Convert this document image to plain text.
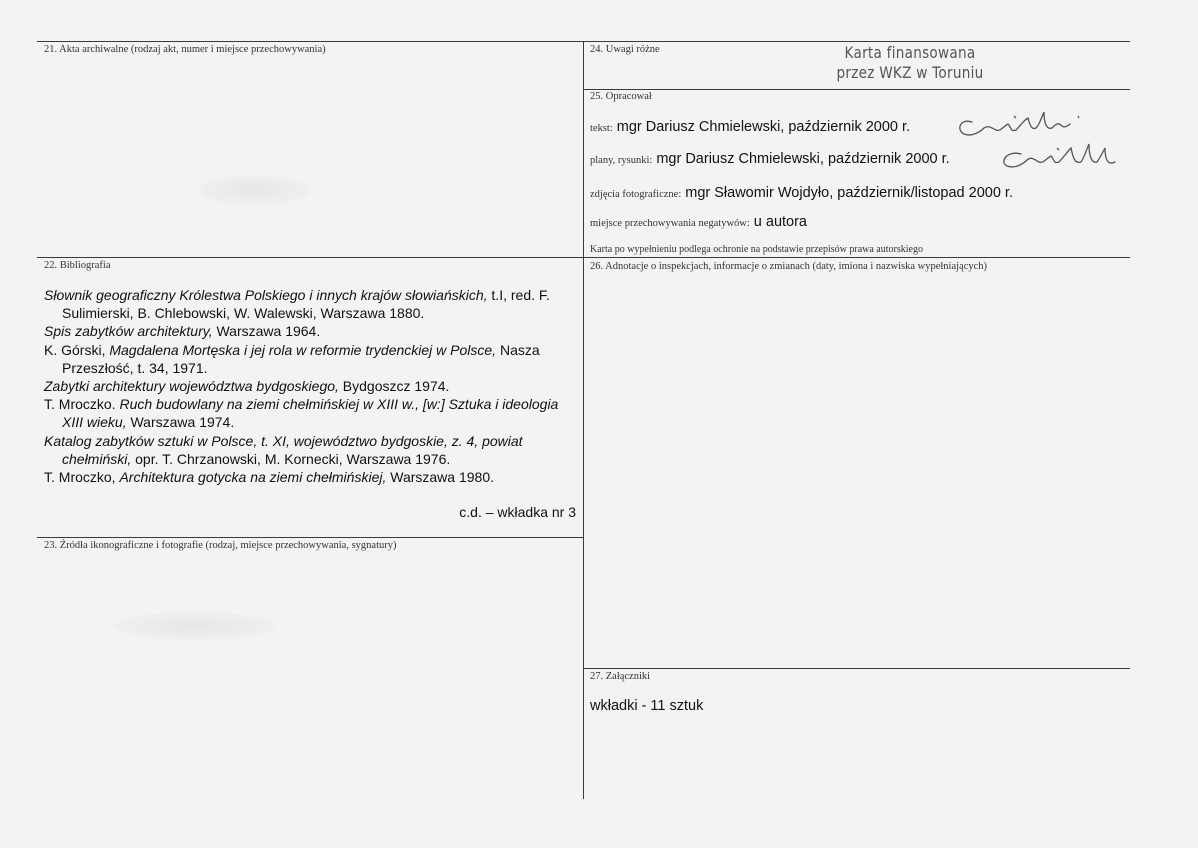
21. Akta archiwalne (rodzaj akt, numer i miejsce przechowywania)	24. Uwagi różne	Karta finansowana
przez WKZ w Toruniu
25. Opracował
tekst: mgr Dariusz Chmielewski, październik 2000 r.
plany, rysunki: mgr Dariusz Chmielewski, październik 2000 r.
zdjęcia fotograficzne: mgr Sławomir Wojdyło, październik/listopad 2000 r.
miejsce przechowywania negatywów: u autora
Karta po wypełnieniu podlega ochronie na podstawie przepisów prawa autorskiego
22. Bibliografia
Słownik geograficzny Królestwa Polskiego i innych krajów słowiańskich, t.I, red. F. Sulimierski, B. Chlebowski, W. Walewski, Warszawa 1880.
Spis zabytków architektury, Warszawa 1964.
K. Górski, Magdalena Mortęska i jej rola w reformie trydenckiej w Polsce, Nasza Przeszłość, t. 34, 1971.
Zabytki architektury województwa bydgoskiego, Bydgoszcz 1974.
T. Mroczko. Ruch budowlany na ziemi chełmińskiej w XIII w., [w:] Sztuka i ideologia XIII wieku, Warszawa 1974.
Katalog zabytków sztuki w Polsce, t. XI, województwo bydgoskie, z. 4, powiat chełmiński, opr. T. Chrzanowski, M. Kornecki, Warszawa 1976.
T. Mroczko, Architektura gotycka na ziemi chełmińskiej, Warszawa 1980.
c.d. – wkładka nr 3
26. Adnotacje o inspekcjach, informacje o zmianach (daty, imiona i nazwiska wypełniających)
23. Źródła ikonograficzne i fotografie (rodzaj, miejsce przechowywania, sygnatury)
27. Załączniki
wkładki - 11 sztuk
